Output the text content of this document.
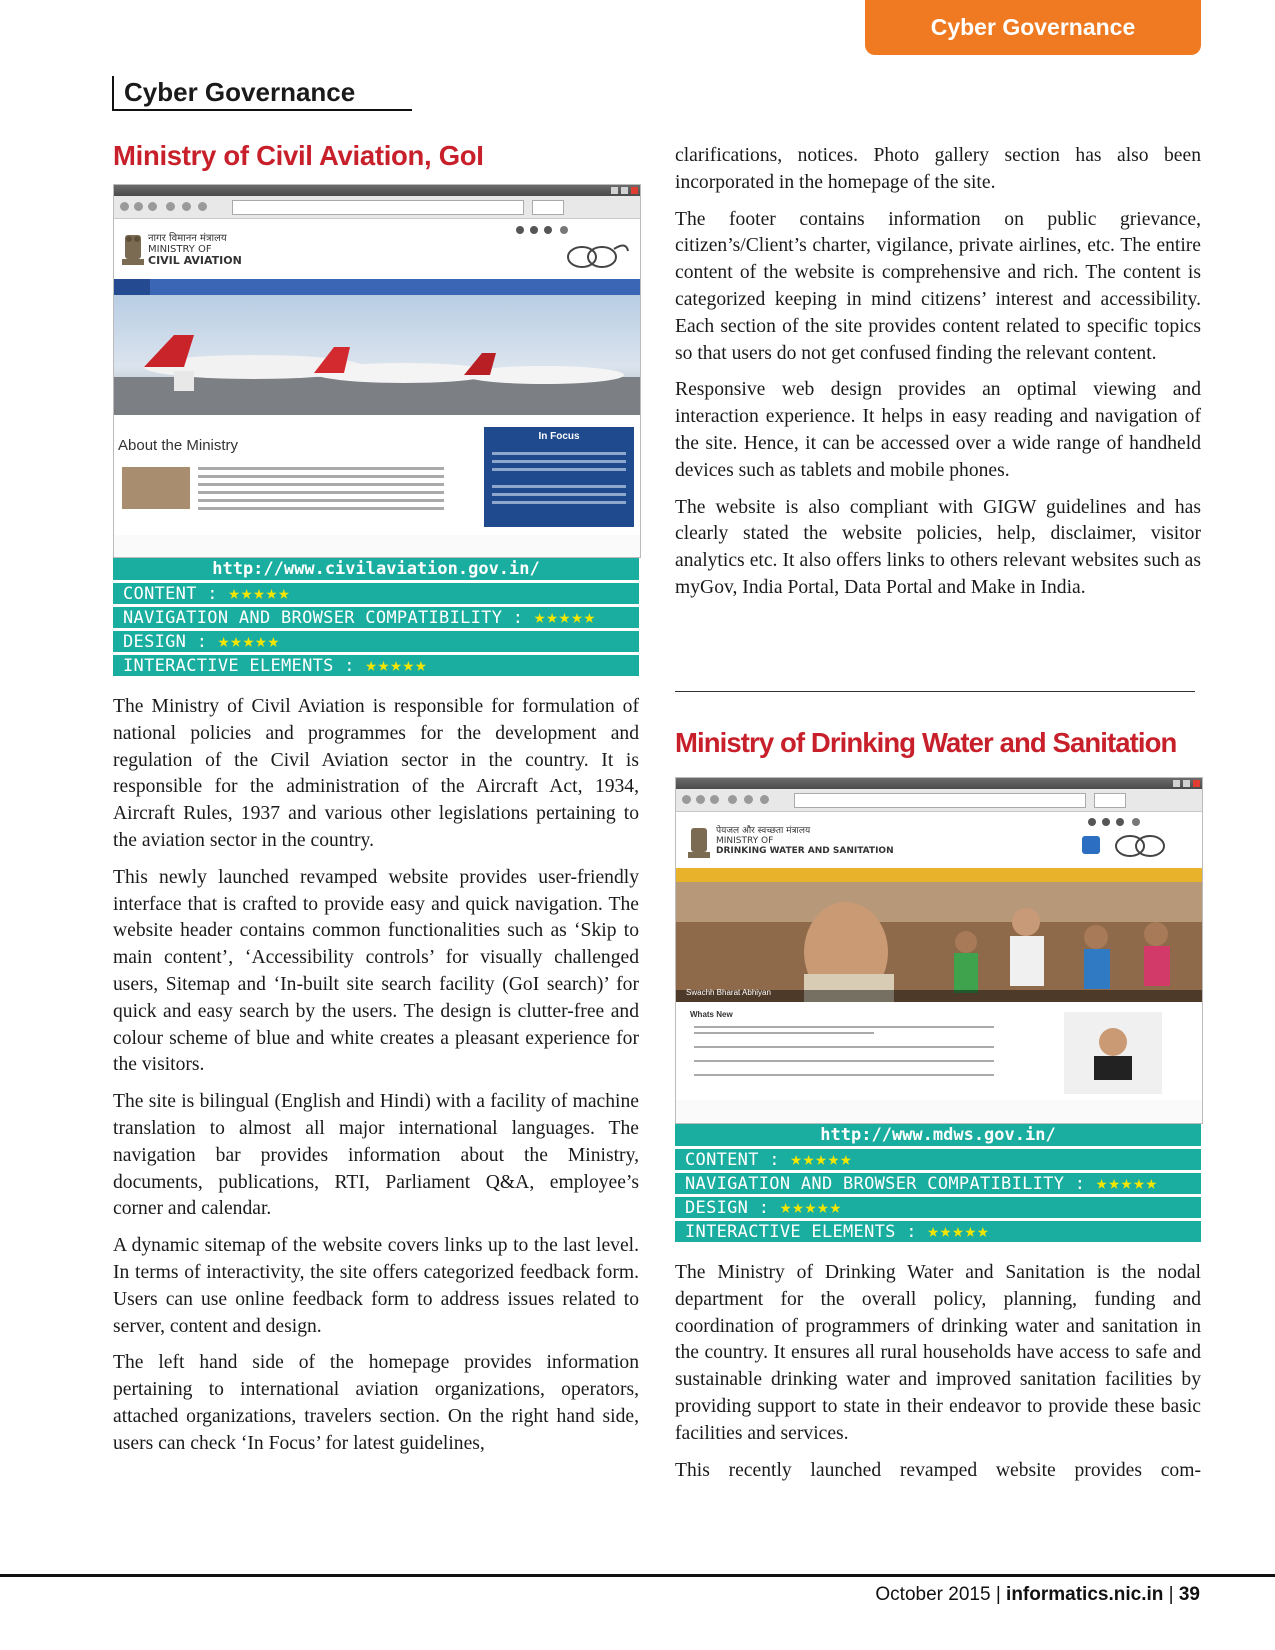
Cyber Governance
Cyber Governance
Ministry of Civil Aviation, GoI
नागर विमानन मंत्रालय
MINISTRY OF
CIVIL AVIATION
About the Ministry
In Focus
http://www.civilaviation.gov.in/
CONTENT : ★★★★★
NAVIGATION AND BROWSER COMPATIBILITY : ★★★★★
DESIGN : ★★★★★
INTERACTIVE ELEMENTS : ★★★★★

The Ministry of Civil Aviation is responsible for formulation of national policies and programmes for the development and regulation of the Civil Aviation sector in the country. It is responsible for the administration of the Aircraft Act, 1934, Aircraft Rules, 1937 and various other legislations pertaining to the aviation sector in the country.

This newly launched revamped website provides user-friendly interface that is crafted to provide easy and quick navigation. The website header contains common functionalities such as ‘Skip to main content’, ‘Accessibility controls’ for visually challenged users, Sitemap and ‘In-built site search facility (GoI search)’ for quick and easy search by the users. The design is clutter-free and colour scheme of blue and white creates a pleasant experience for the visitors.

The site is bilingual (English and Hindi) with a facility of machine translation to almost all major international languages. The navigation bar provides information about the Ministry, documents, publications, RTI, Parliament Q&A, employee’s corner and calendar.

A dynamic sitemap of the website covers links up to the last level. In terms of interactivity, the site offers categorized feedback form. Users can use online feedback form to address issues related to server, content and design.

The left hand side of the homepage provides information pertaining to international aviation organizations, operators, attached organizations, travelers section. On the right hand side, users can check ‘In Focus’ for latest guidelines,

clarifications, notices. Photo gallery section has also been incorporated in the homepage of the site.

The footer contains information on public grievance, citizen’s/Client’s charter, vigilance, private airlines, etc. The entire content of the website is comprehensive and rich. The content is categorized keeping in mind citizens’ interest and accessibility. Each section of the site provides content related to specific topics so that users do not get confused finding the relevant content.

Responsive web design provides an optimal viewing and interaction experience. It helps in easy reading and navigation of the site. Hence, it can be accessed over a wide range of handheld devices such as tablets and mobile phones.

The website is also compliant with GIGW guidelines and has clearly stated the website policies, help, disclaimer, visitor analytics etc. It also offers links to others relevant websites such as myGov, India Portal, Data Portal and Make in India.

Ministry of Drinking Water and Sanitation
पेयजल और स्वच्छता मंत्रालय
MINISTRY OF
DRINKING WATER AND SANITATION
Swachh Bharat Abhiyan
Whats New
http://www.mdws.gov.in/
CONTENT : ★★★★★
NAVIGATION AND BROWSER COMPATIBILITY : ★★★★★
DESIGN : ★★★★★
INTERACTIVE ELEMENTS : ★★★★★

The Ministry of Drinking Water and Sanitation is the nodal department for the overall policy, planning, funding and coordination of programmers of drinking water and sanitation in the country. It ensures all rural households have access to safe and sustainable drinking water and improved sanitation facilities by providing support to state in their endeavor to provide these basic facilities and services.

This recently launched revamped website provides com-

October 2015 | informatics.nic.in | 39
